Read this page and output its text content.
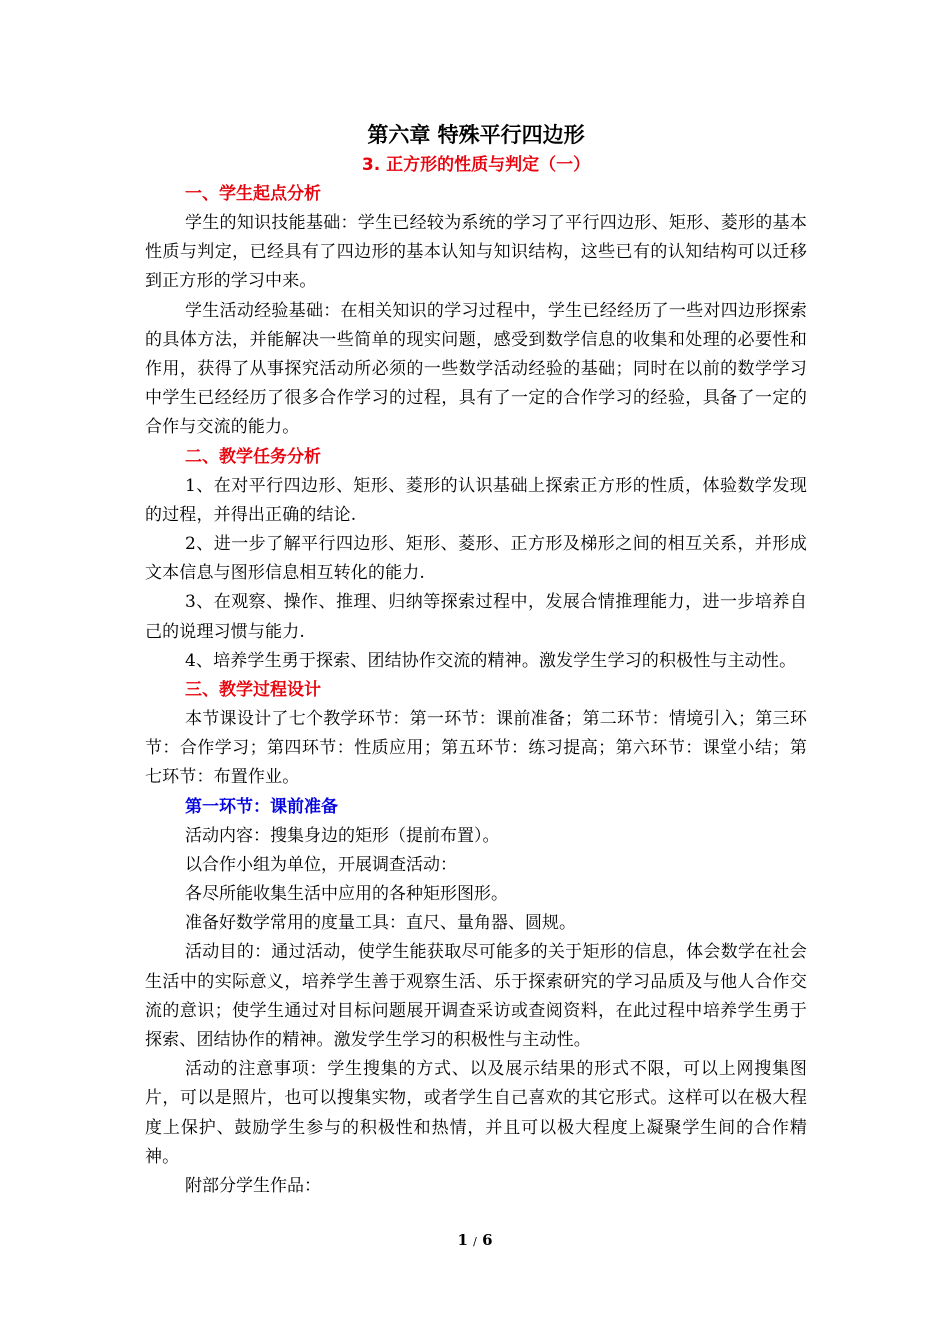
第六章 特殊平行四边形
3. 正方形的性质与判定（一）
一、学生起点分析

学生的知识技能基础：学生已经较为系统的学习了平行四边形、矩形、菱形的基本性质与判定，已经具有了四边形的基本认知与知识结构，这些已有的认知结构可以迁移到正方形的学习中来。

学生活动经验基础：在相关知识的学习过程中，学生已经经历了一些对四边形探索的具体方法，并能解决一些简单的现实问题，感受到数学信息的收集和处理的必要性和作用，获得了从事探究活动所必须的一些数学活动经验的基础；同时在以前的数学学习中学生已经经历了很多合作学习的过程，具有了一定的合作学习的经验，具备了一定的合作与交流的能力。

二、教学任务分析

1、在对平行四边形、矩形、菱形的认识基础上探索正方形的性质，体验数学发现的过程，并得出正确的结论.

2、进一步了解平行四边形、矩形、菱形、正方形及梯形之间的相互关系，并形成文本信息与图形信息相互转化的能力.

3、在观察、操作、推理、归纳等探索过程中，发展合情推理能力，进一步培养自己的说理习惯与能力.

4、培养学生勇于探索、团结协作交流的精神。激发学生学习的积极性与主动性。

三、教学过程设计

本节课设计了七个教学环节：第一环节：课前准备；第二环节：情境引入；第三环节：合作学习；第四环节：性质应用；第五环节：练习提高；第六环节：课堂小结；第七环节：布置作业。

第一环节：课前准备

活动内容：搜集身边的矩形（提前布置）。

以合作小组为单位，开展调查活动：

各尽所能收集生活中应用的各种矩形图形。

准备好数学常用的度量工具：直尺、量角器、圆规。

活动目的：通过活动，使学生能获取尽可能多的关于矩形的信息，体会数学在社会生活中的实际意义，培养学生善于观察生活、乐于探索研究的学习品质及与他人合作交流的意识；使学生通过对目标问题展开调查采访或查阅资料，在此过程中培养学生勇于探索、团结协作的精神。激发学生学习的积极性与主动性。

活动的注意事项：学生搜集的方式、以及展示结果的形式不限，可以上网搜集图片，可以是照片，也可以搜集实物，或者学生自己喜欢的其它形式。这样可以在极大程度上保护、鼓励学生参与的积极性和热情，并且可以极大程度上凝聚学生间的合作精神。

附部分学生作品：

1 / 6
